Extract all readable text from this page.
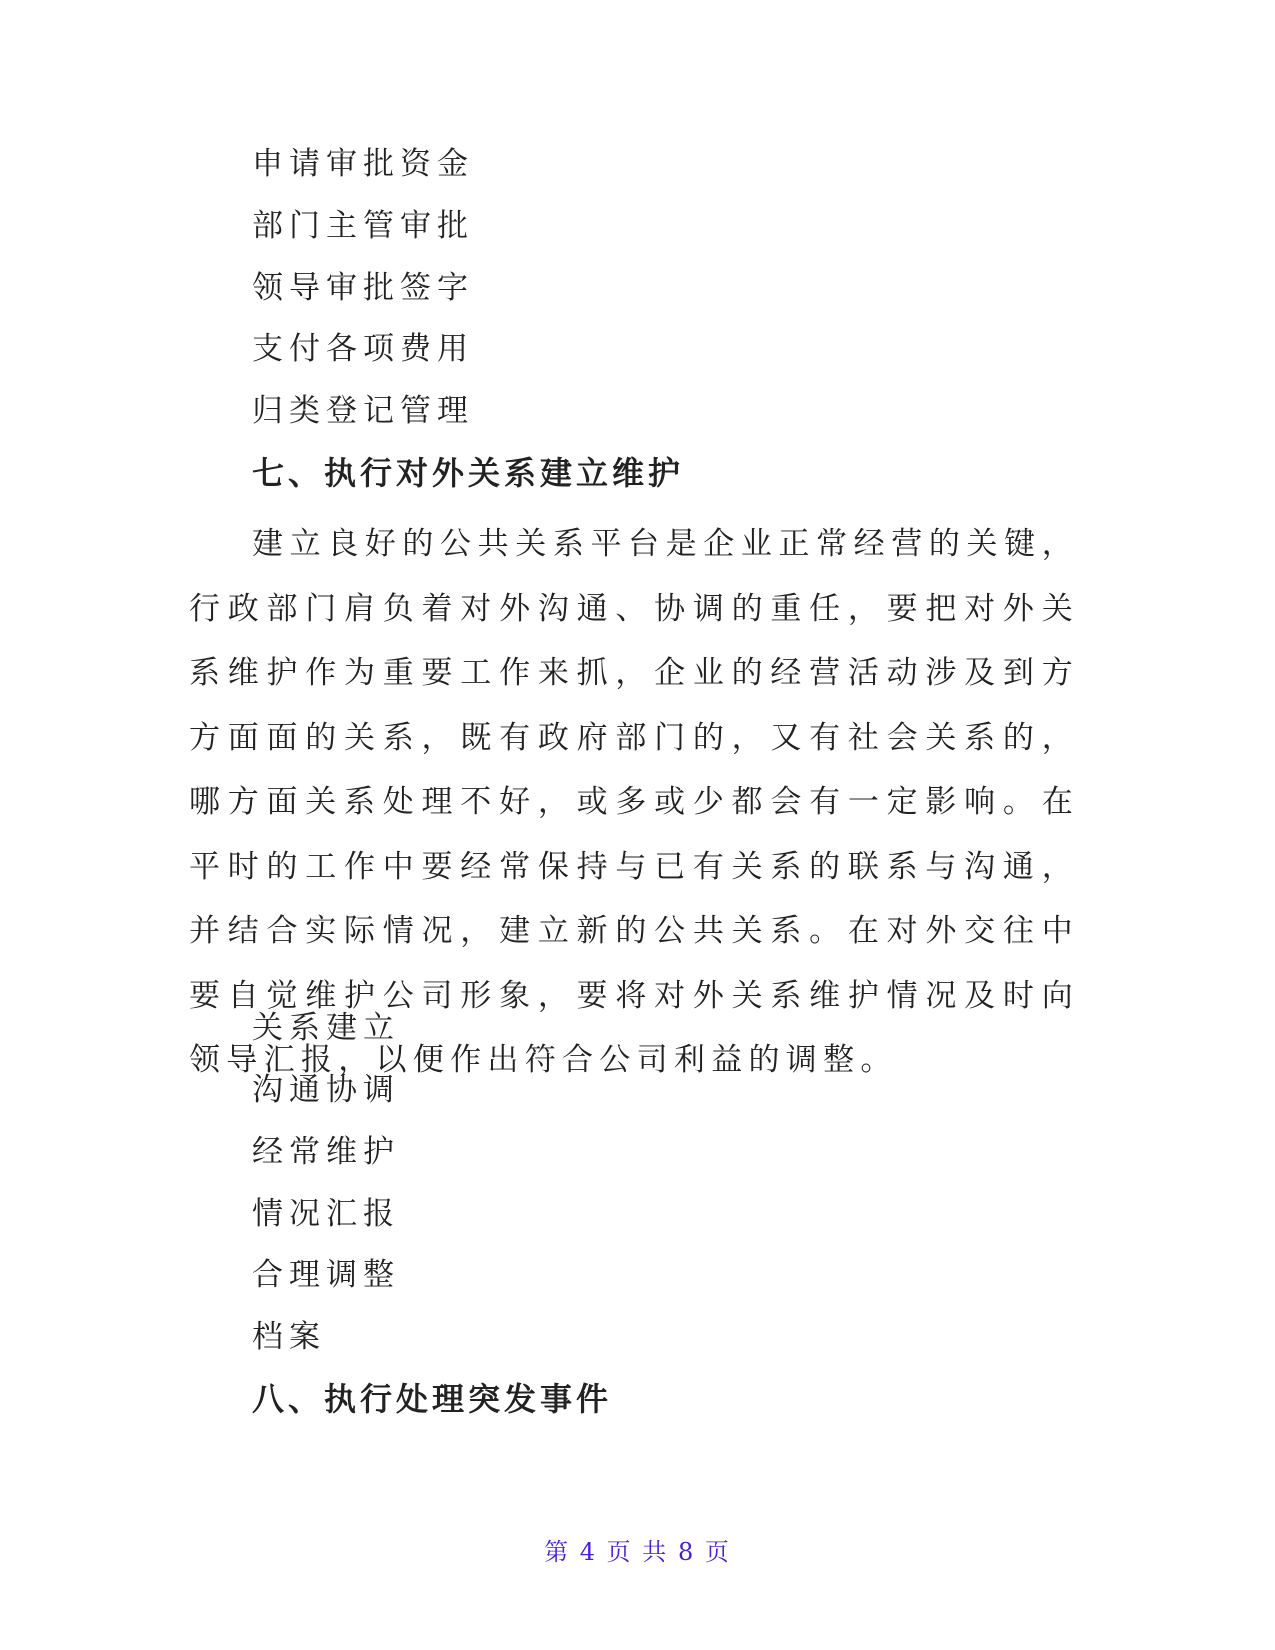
申请审批资金
部门主管审批
领导审批签字
支付各项费用
归类登记管理
七、执行对外关系建立维护
建立良好的公共关系平台是企业正常经营的关键，行政部门肩负着对外沟通、协调的重任，要把对外关系维护作为重要工作来抓，企业的经营活动涉及到方方面面的关系，既有政府部门的，又有社会关系的，哪方面关系处理不好，或多或少都会有一定影响。在平时的工作中要经常保持与已有关系的联系与沟通，并结合实际情况，建立新的公共关系。在对外交往中要自觉维护公司形象，要将对外关系维护情况及时向领导汇报，以便作出符合公司利益的调整。
关系建立
沟通协调
经常维护
情况汇报
合理调整
档案
八、执行处理突发事件
第 4 页 共 8 页
